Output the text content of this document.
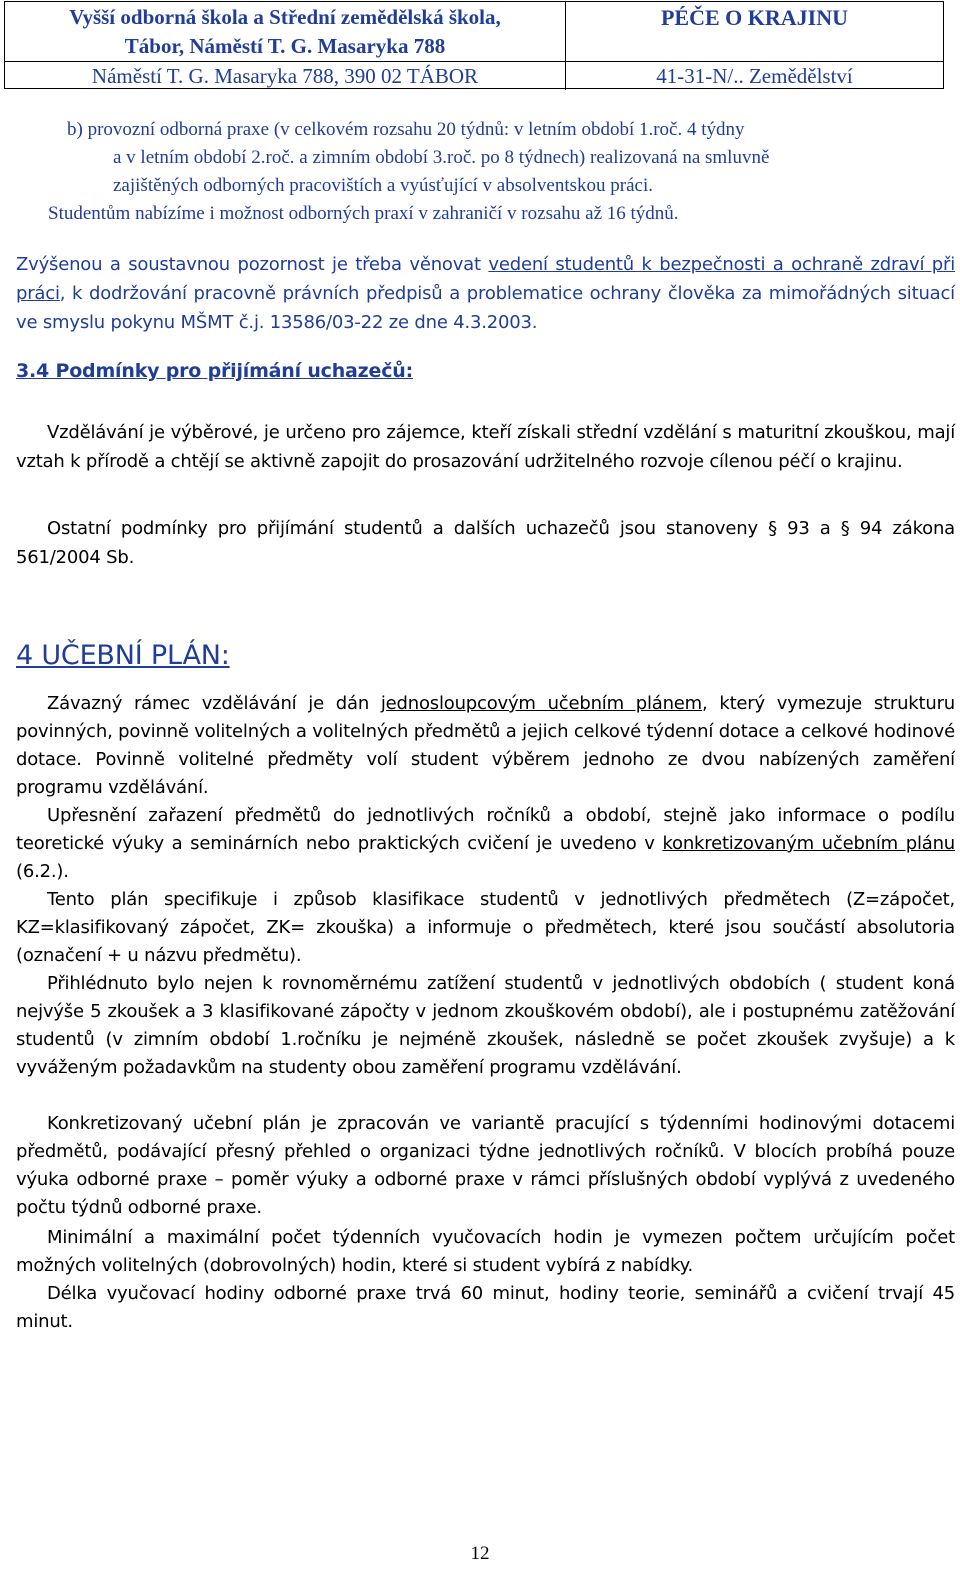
Vyšší odborná škola a Střední zemědělská škola,
Tábor, Náměstí T. G. Masaryka 788
Náměstí T. G. Masaryka 788, 390 02 TÁBOR
PÉČE O KRAJINU
41-31-N/.. Zemědělství
b) provozní odborná praxe (v celkovém rozsahu 20 týdnů: v letním období 1.roč. 4 týdny
a v letním období 2.roč. a zimním období 3.roč. po 8 týdnech) realizovaná na smluvně
zajištěných odborných pracovištích a vyúsťující v absolventskou práci.
Studentům nabízíme i možnost odborných praxí v zahraničí v rozsahu až 16 týdnů.

Zvýšenou a soustavnou pozornost je třeba věnovat vedení studentů k bezpečnosti a ochraně zdraví při práci, k dodržování pracovně právních předpisů a problematice ochrany člověka za mimořádných situací ve smyslu pokynu MŠMT č.j. 13586/03-22 ze dne 4.3.2003.

3.4 Podmínky pro přijímání uchazečů:

Vzdělávání je výběrové, je určeno pro zájemce, kteří získali střední vzdělání s maturitní zkouškou, mají vztah k přírodě a chtějí se aktivně zapojit do prosazování udržitelného rozvoje cílenou péčí o krajinu.

Ostatní podmínky pro přijímání studentů a dalších uchazečů jsou stanoveny § 93 a § 94 zákona 561/2004 Sb.

4 UČEBNÍ PLÁN:

Závazný rámec vzdělávání je dán jednosloupcovým učebním plánem, který vymezuje strukturu povinných, povinně volitelných a volitelných předmětů a jejich celkové týdenní dotace a celkové hodinové dotace. Povinně volitelné předměty volí student výběrem jednoho ze dvou nabízených zaměření programu vzdělávání.

Upřesnění zařazení předmětů do jednotlivých ročníků a období, stejně jako informace o podílu teoretické výuky a seminárních nebo praktických cvičení je uvedeno v konkretizovaným učebním plánu (6.2.).

Tento plán specifikuje i způsob klasifikace studentů v jednotlivých předmětech (Z=zápočet, KZ=klasifikovaný zápočet, ZK= zkouška) a informuje o předmětech, které jsou součástí absolutoria (označení + u názvu předmětu).

Přihlédnuto bylo nejen k rovnoměrnému zatížení studentů v jednotlivých obdobích ( student koná nejvýše 5 zkoušek a 3 klasifikované zápočty v jednom zkouškovém období), ale i postupnému zatěžování studentů (v zimním období 1.ročníku je nejméně zkoušek, následně se počet zkoušek zvyšuje) a k vyváženým požadavkům na studenty obou zaměření programu vzdělávání.

Konkretizovaný učební plán je zpracován ve variantě pracující s týdenními hodinovými dotacemi předmětů, podávající přesný přehled o organizaci týdne jednotlivých ročníků. V blocích probíhá pouze výuka odborné praxe – poměr výuky a odborné praxe v rámci příslušných období vyplývá z uvedeného počtu týdnů odborné praxe.

Minimální a maximální počet týdenních vyučovacích hodin je vymezen počtem určujícím počet možných volitelných (dobrovolných) hodin, které si student vybírá z nabídky.

Délka vyučovací hodiny odborné praxe trvá 60 minut, hodiny teorie, seminářů a cvičení trvají 45 minut.

12
